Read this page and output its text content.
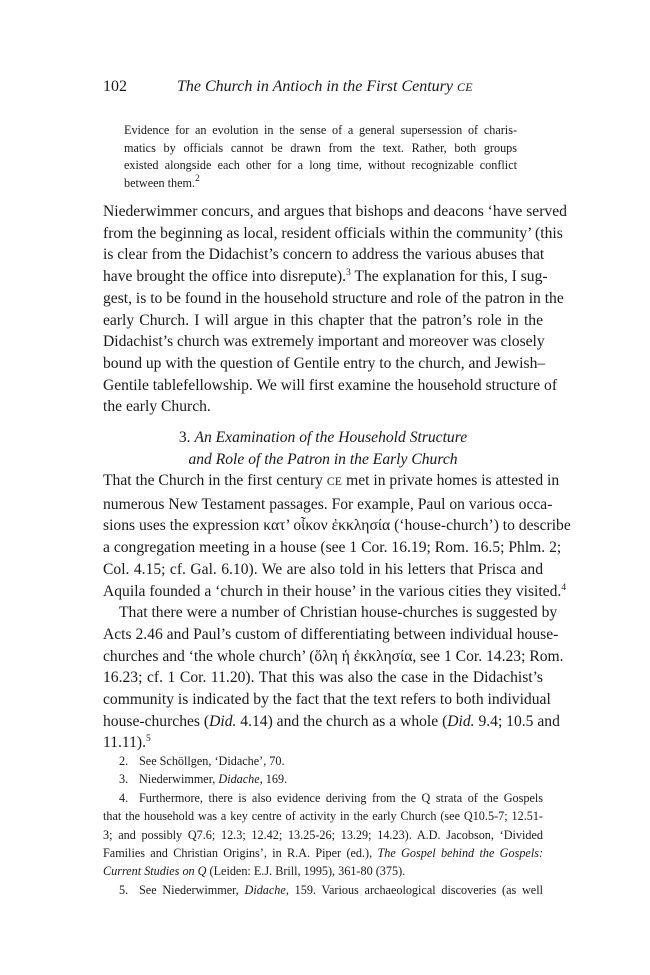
102	The Church in Antioch in the First Century CE
Evidence for an evolution in the sense of a general supersession of charis-
matics by officials cannot be drawn from the text. Rather, both groups
existed alongside each other for a long time, without recognizable conflict
between them.$^2$
Niederwimmer concurs, and argues that bishops and deacons ‘have served
from the beginning as local, resident officials within the community’ (this
is clear from the Didachist’s concern to address the various abuses that
have brought the office into disrepute).$^3$ The explanation for this, I sug-
gest, is to be found in the household structure and role of the patron in the
early Church. I will argue in this chapter that the patron’s role in the
Didachist’s church was extremely important and moreover was closely
bound up with the question of Gentile entry to the church, and Jewish–
Gentile tablefellowship. We will first examine the household structure of
the early Church.
3. An Examination of the Household Structure
and Role of the Patron in the Early Church
That the Church in the first century CE met in private homes is attested in
numerous New Testament passages. For example, Paul on various occa-
sions uses the expression κατ’ οἶκον ἐκκλησία (‘house-church’) to describe
a congregation meeting in a house (see 1 Cor. 16.19; Rom. 16.5; Phlm. 2;
Col. 4.15; cf. Gal. 6.10). We are also told in his letters that Prisca and
Aquila founded a ‘church in their house’ in the various cities they visited.$^4$
That there were a number of Christian house-churches is suggested by
Acts 2.46 and Paul’s custom of differentiating between individual house-
churches and ‘the whole church’ (ὅλη ἡ ἐκκλησία, see 1 Cor. 14.23; Rom.
16.23; cf. 1 Cor. 11.20). That this was also the case in the Didachist’s
community is indicated by the fact that the text refers to both individual
house-churches (Did. 4.14) and the church as a whole (Did. 9.4; 10.5 and
11.11).$^5$
2. See Schöllgen, ‘Didache’, 70.
3. Niederwimmer, Didache, 169.
4. Furthermore, there is also evidence deriving from the Q strata of the Gospels
that the household was a key centre of activity in the early Church (see Q10.5-7; 12.51-
3; and possibly Q7.6; 12.3; 12.42; 13.25-26; 13.29; 14.23). A.D. Jacobson, ‘Divided
Families and Christian Origins’, in R.A. Piper (ed.), The Gospel behind the Gospels:
Current Studies on Q (Leiden: E.J. Brill, 1995), 361-80 (375).
5. See Niederwimmer, Didache, 159. Various archaeological discoveries (as well
